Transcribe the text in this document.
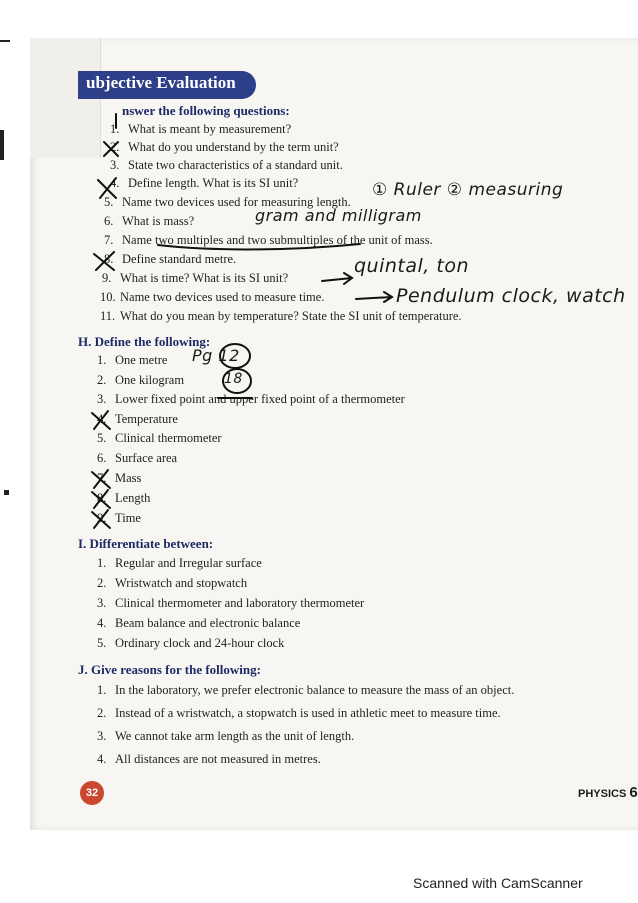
ubjective Evaluation
nswer the following questions:
1. What is meant by measurement?
2. What do you understand by the term unit?
3. State two characteristics of a standard unit.
4. Define length. What is its SI unit?
5. Name two devices used for measuring length.
6. What is mass?
7. Name two multiples and two submultiples of the unit of mass.
8. Define standard metre.
9. What is time? What is its SI unit?
10. Name two devices used to measure time.
11. What do you mean by temperature? State the SI unit of temperature.
H. Define the following:
1. One metre
2. One kilogram
3. Lower fixed point and upper fixed point of a thermometer
4. Temperature
5. Clinical thermometer
6. Surface area
7. Mass
8. Length
9. Time
I. Differentiate between:
1. Regular and Irregular surface
2. Wristwatch and stopwatch
3. Clinical thermometer and laboratory thermometer
4. Beam balance and electronic balance
5. Ordinary clock and 24-hour clock
J. Give reasons for the following:
1. In the laboratory, we prefer electronic balance to measure the mass of an object.
2. Instead of a wristwatch, a stopwatch is used in athletic meet to measure time.
3. We cannot take arm length as the unit of length.
4. All distances are not measured in metres.
① Ruler ② measuring
gram and milligram
quintal, ton
Pendulum clock, watch
Pg 12
18
32	PHYSICS 6
Scanned with CamScanner
